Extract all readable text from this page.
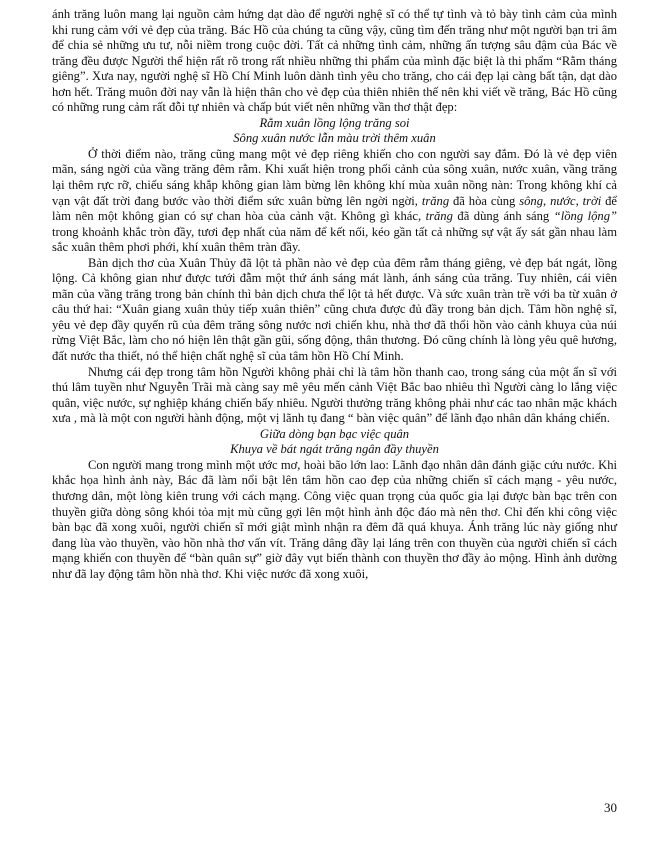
ánh trăng luôn mang lại nguồn cảm hứng dạt dào để người nghệ sĩ có thể tự tình và tỏ bày tình cảm của mình khi rung cảm với vẻ đẹp của trăng. Bác Hồ của chúng ta cũng vậy, cũng tìm đến trăng như một người bạn tri âm để chia sẻ những ưu tư, nỗi niềm trong cuộc đời. Tất cả những tình cảm, những ấn tượng sâu đậm của Bác về trăng đều được Người thể hiện rất rõ trong rất nhiều những thi phẩm của mình đặc biệt là thi phẩm “Rằm tháng giêng”. Xưa nay, người nghệ sĩ Hồ Chí Minh luôn dành tình yêu cho trăng, cho cái đẹp lại càng bất tận, dạt dào hơn hết. Trăng muôn đời nay vẫn là hiện thân cho vẻ đẹp của thiên nhiên thế nên khi viết về trăng, Bác Hồ cũng có những rung cảm rất đỗi tự nhiên và chấp bút viết nên những vần thơ thật đẹp:

Rằm xuân lồng lộng trăng soi
Sông xuân nước lẫn màu trời thêm xuân

Ở thời điểm nào, trăng cũng mang một vẻ đẹp riêng khiến cho con người say đắm. Đó là vẻ đẹp viên mãn, sáng ngời của vầng trăng đêm rằm. Khi xuất hiện trong phối cảnh của sông xuân, nước xuân, vầng trăng lại thêm rực rỡ, chiếu sáng khắp không gian làm bừng lên không khí mùa xuân nồng nàn: Trong không khí cả vạn vật đất trời đang bước vào thời điểm sức xuân bừng lên ngời ngời, trăng đã hòa cùng sông, nước, trời để làm nên một không gian có sự chan hòa của cảnh vật. Không gì khác, trăng đã dùng ánh sáng “lồng lộng” trong khoảnh khắc tròn đầy, tươi đẹp nhất của năm để kết nối, kéo gần tất cả những sự vật ấy sát gần nhau làm sắc xuân thêm phơi phới, khí xuân thêm tràn đầy.

Bản dịch thơ của Xuân Thủy đã lột tả phần nào vẻ đẹp của đêm rằm tháng giêng, vẻ đẹp bát ngát, lồng lộng. Cả không gian như được tưới đẫm một thứ ánh sáng mát lành, ánh sáng của trăng. Tuy nhiên, cái viên mãn của vầng trăng trong bản chính thì bản dịch chưa thể lột tả hết được. Và sức xuân tràn trề với ba từ xuân ở câu thứ hai: “Xuân giang xuân thủy tiếp xuân thiên” cũng chưa được đủ đầy trong bản dịch. Tâm hồn nghệ sĩ, yêu vẻ đẹp đầy quyến rũ của đêm trăng sông nước nơi chiến khu, nhà thơ đã thổi hồn vào cảnh khuya của núi rừng Việt Bắc, làm cho nó hiện lên thật gần gũi, sống động, thân thương. Đó cũng chính là lòng yêu quê hương, đất nước tha thiết, nó thể hiện chất nghệ sĩ của tâm hồn Hồ Chí Minh.

Nhưng cái đẹp trong tâm hồn Người không phải chỉ là tâm hồn thanh cao, trong sáng của một ẩn sĩ với thú lâm tuyền như Nguyễn Trãi mà càng say mê yêu mến cảnh Việt Bắc bao nhiêu thì Người càng lo lắng việc quân, việc nước, sự nghiệp kháng chiến bấy nhiêu. Người thưởng trăng không phải như các tao nhân mặc khách xưa , mà là một con người hành động, một vị lãnh tụ đang “ bàn việc quân” để lãnh đạo nhân dân kháng chiến.

Giữa dòng bạn bạc việc quân
Khuya về bát ngát trăng ngân đầy thuyền

Con người mang trong mình một ước mơ, hoài bão lớn lao: Lãnh đạo nhân dân đánh giặc cứu nước. Khi khắc họa hình ảnh này, Bác đã làm nổi bật lên tâm hồn cao đẹp của những chiến sĩ cách mạng - yêu nước, thương dân, một lòng kiên trung với cách mạng. Công việc quan trọng của quốc gia lại được bàn bạc trên con thuyền giữa dòng sông khói tỏa mịt mù cũng gợi lên một hình ảnh độc đáo mà nên thơ. Chỉ đến khi công việc bàn bạc đã xong xuôi, người chiến sĩ mới giật mình nhận ra đêm đã quá khuya. Ánh trăng lúc này giống như đang lùa vào thuyền, vào hồn nhà thơ vấn vít. Trăng dâng đầy lại láng trên con thuyền của người chiến sĩ cách mạng khiến con thuyền để “bàn quân sự” giờ đây vụt biến thành con thuyền thơ đầy ảo mộng. Hình ảnh dường như đã lay động tâm hồn nhà thơ. Khi việc nước đã xong xuôi,

30
